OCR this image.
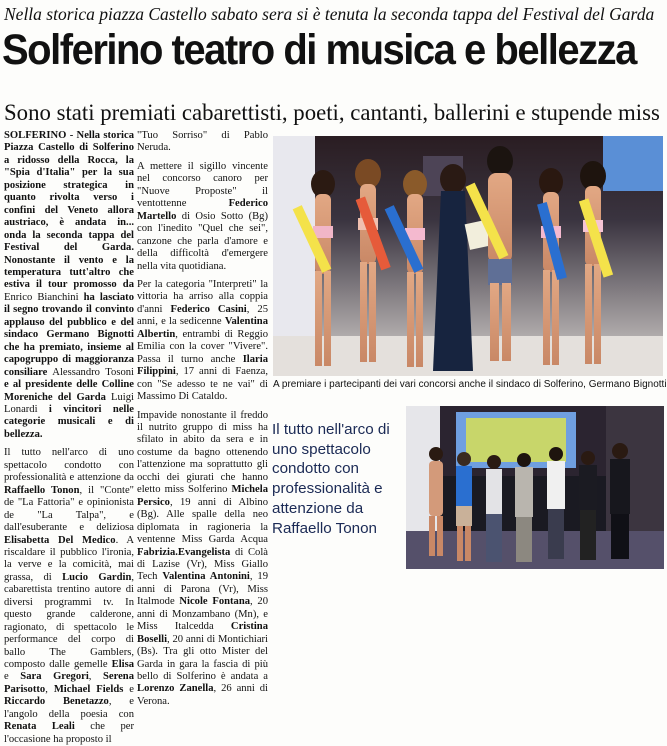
Nella storica piazza Castello sabato sera si è tenuta la seconda tappa del Festival del Garda
Solferino teatro di musica e bellezza
Sono stati premiati cabarettisti, poeti, cantanti, ballerini e stupende miss

SOLFERINO - Nella storica Piazza Castello di Solferino a ridosso della Rocca, la "Spia d'Italia" per la sua posizione strategica in quanto rivolta verso i confini del Veneto allora austriaco, è andata in... onda la seconda tappa del Festival del Garda. Nonostante il vento e la temperatura tutt'altro che estiva il tour promosso da Enrico Bianchini ha lasciato il segno trovando il convinto applauso del pubblico e del sindaco Germano Bignotti che ha premiato, insieme al capogruppo di maggioranza consiliare Alessandro Tosoni e al presidente delle Colline Moreniche del Garda Luigi Lonardi i vincitori nelle categorie musicali e di bellezza.

Il tutto nell'arco di uno spettacolo condotto con professionalità e attenzione da Raffaello Tonon, il "Conte" de "La Fattoria" e opinionista de "La Talpa", e dall'esuberante e deliziosa Elisabetta Del Medico. A riscaldare il pubblico l'ironia, la verve e la comicità, mai grassa, di Lucio Gardin, cabarettista trentino autore di diversi programmi tv. In questo grande calderone, ragionato, di spettacolo le performance del corpo di ballo The Gamblers, composto dalle gemelle Elisa e Sara Gregori, Serena Parisotto, Michael Fields e Riccardo Benetazzo, e l'angolo della poesia con Renata Leali che per l'occasione ha proposto il

"Tuo Sorriso" di Pablo Neruda.

A mettere il sigillo vincente nel concorso canoro per "Nuove Proposte" il ventottenne Federico Martello di Osio Sotto (Bg) con l'inedito "Quel che sei", canzone che parla d'amore e della difficoltà d'emergere nella vita quotidiana.

Per la categoria "Interpreti" la vittoria ha arriso alla coppia d'anni Federico Casini, 25 anni, e la sedicenne Valentina Albertin, entrambi di Reggio Emilia con la cover "Vivere". Passa il turno anche Ilaria Filippini, 17 anni di Faenza, con "Se adesso te ne vai" di Massimo Di Cataldo.

Impavide nonostante il freddo il nutrito gruppo di miss ha sfilato in abito da sera e in costume da bagno ottenendo l'attenzione ma soprattutto gli occhi dei giurati che hanno eletto miss Solferino Michela Persico, 19 anni di Albino (Bg). Alle spalle della neo diplomata in ragioneria la ventenne Miss Garda Acqua Fabrizia.Evangelista di Colà di Lazise (Vr), Miss Giallo Tech Valentina Antonini, 19 anni di Parona (Vr), Miss Italmode Nicole Fontana, 20 anni di Monzambano (Mn), e Miss Italcedda Cristina Boselli, 20 anni di Montichiari (Bs). Tra gli otto Mister del Garda in gara la fascia di più bello di Solferino è andata a Lorenzo Zanella, 26 anni di Verona.

A premiare i partecipanti dei vari concorsi anche il sindaco di Solferino, Germano Bignotti
Il tutto nell'arco di uno spettacolo condotto con professionalità e attenzione da Raffaello Tonon
